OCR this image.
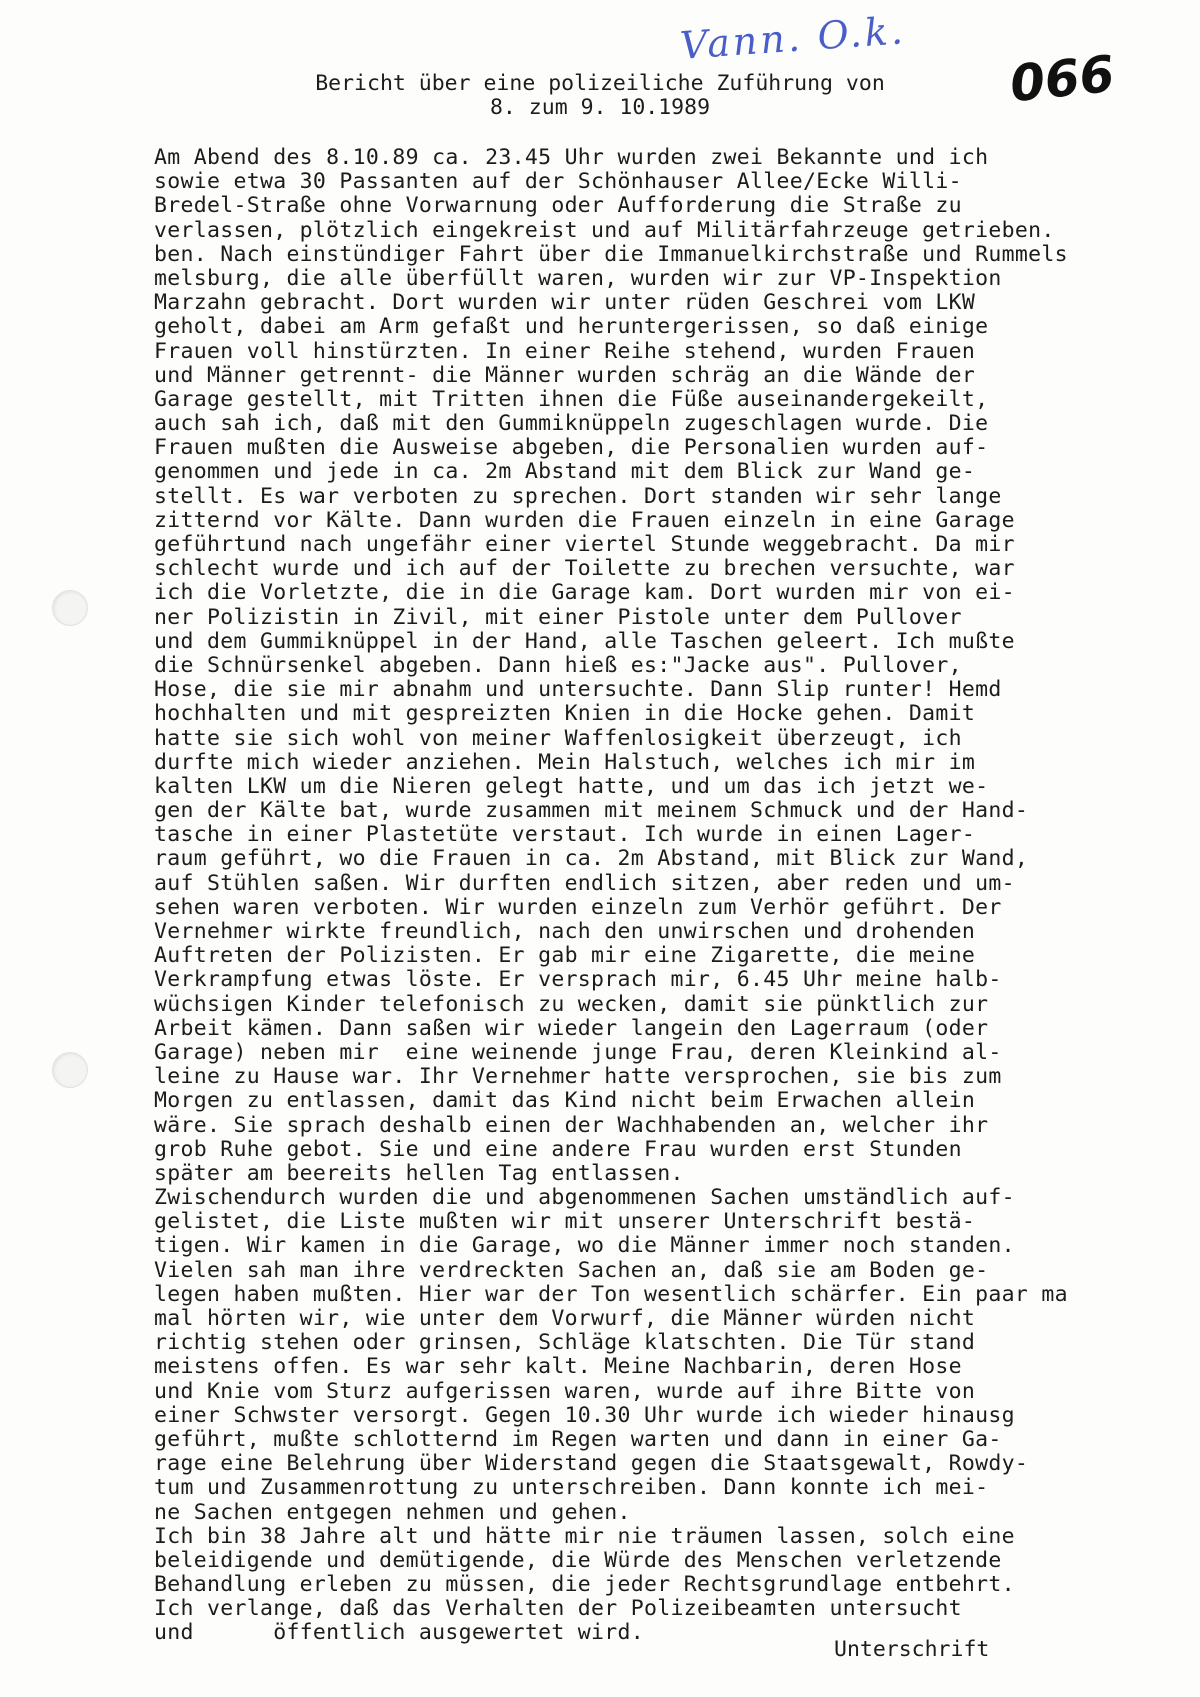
Vann. O.k.
066
Bericht über eine polizeiliche Zuführung von
8. zum 9. 10.1989
Am Abend des 8.10.89 ca. 23.45 Uhr wurden zwei Bekannte und ich
sowie etwa 30 Passanten auf der Schönhauser Allee/Ecke Willi-
Bredel-Straße ohne Vorwarnung oder Aufforderung die Straße zu
verlassen, plötzlich eingekreist und auf Militärfahrzeuge getrieben.
ben. Nach einstündiger Fahrt über die Immanuelkirchstraße und Rummels
melsburg, die alle überfüllt waren, wurden wir zur VP-Inspektion
Marzahn gebracht. Dort wurden wir unter rüden Geschrei vom LKW
geholt, dabei am Arm gefaßt und heruntergerissen, so daß einige
Frauen voll hinstürzten. In einer Reihe stehend, wurden Frauen
und Männer getrennt- die Männer wurden schräg an die Wände der
Garage gestellt, mit Tritten ihnen die Füße auseinandergekeilt,
auch sah ich, daß mit den Gummiknüppeln zugeschlagen wurde. Die
Frauen mußten die Ausweise abgeben, die Personalien wurden auf-
genommen und jede in ca. 2m Abstand mit dem Blick zur Wand ge-
stellt. Es war verboten zu sprechen. Dort standen wir sehr lange
zitternd vor Kälte. Dann wurden die Frauen einzeln in eine Garage
geführtund nach ungefähr einer viertel Stunde weggebracht. Da mir
schlecht wurde und ich auf der Toilette zu brechen versuchte, war
ich die Vorletzte, die in die Garage kam. Dort wurden mir von ei-
ner Polizistin in Zivil, mit einer Pistole unter dem Pullover
und dem Gummiknüppel in der Hand, alle Taschen geleert. Ich mußte
die Schnürsenkel abgeben. Dann hieß es:"Jacke aus". Pullover,
Hose, die sie mir abnahm und untersuchte. Dann Slip runter! Hemd
hochhalten und mit gespreizten Knien in die Hocke gehen. Damit
hatte sie sich wohl von meiner Waffenlosigkeit überzeugt, ich
durfte mich wieder anziehen. Mein Halstuch, welches ich mir im
kalten LKW um die Nieren gelegt hatte, und um das ich jetzt we-
gen der Kälte bat, wurde zusammen mit meinem Schmuck und der Hand-
tasche in einer Plastetüte verstaut. Ich wurde in einen Lager-
raum geführt, wo die Frauen in ca. 2m Abstand, mit Blick zur Wand,
auf Stühlen saßen. Wir durften endlich sitzen, aber reden und um-
sehen waren verboten. Wir wurden einzeln zum Verhör geführt. Der
Vernehmer wirkte freundlich, nach den unwirschen und drohenden
Auftreten der Polizisten. Er gab mir eine Zigarette, die meine
Verkrampfung etwas löste. Er versprach mir, 6.45 Uhr meine halb-
wüchsigen Kinder telefonisch zu wecken, damit sie pünktlich zur
Arbeit kämen. Dann saßen wir wieder langein den Lagerraum (oder
Garage) neben mir  eine weinende junge Frau, deren Kleinkind al-
leine zu Hause war. Ihr Vernehmer hatte versprochen, sie bis zum
Morgen zu entlassen, damit das Kind nicht beim Erwachen allein
wäre. Sie sprach deshalb einen der Wachhabenden an, welcher ihr
grob Ruhe gebot. Sie und eine andere Frau wurden erst Stunden
später am beereits hellen Tag entlassen.
Zwischendurch wurden die und abgenommenen Sachen umständlich auf-
gelistet, die Liste mußten wir mit unserer Unterschrift bestä-
tigen. Wir kamen in die Garage, wo die Männer immer noch standen.
Vielen sah man ihre verdreckten Sachen an, daß sie am Boden ge-
legen haben mußten. Hier war der Ton wesentlich schärfer. Ein paar ma
mal hörten wir, wie unter dem Vorwurf, die Männer würden nicht
richtig stehen oder grinsen, Schläge klatschten. Die Tür stand
meistens offen. Es war sehr kalt. Meine Nachbarin, deren Hose
und Knie vom Sturz aufgerissen waren, wurde auf ihre Bitte von
einer Schwster versorgt. Gegen 10.30 Uhr wurde ich wieder hinausg
geführt, mußte schlotternd im Regen warten und dann in einer Ga-
rage eine Belehrung über Widerstand gegen die Staatsgewalt, Rowdy-
tum und Zusammenrottung zu unterschreiben. Dann konnte ich mei-
ne Sachen entgegen nehmen und gehen.
Ich bin 38 Jahre alt und hätte mir nie träumen lassen, solch eine
beleidigende und demütigende, die Würde des Menschen verletzende
Behandlung erleben zu müssen, die jeder Rechtsgrundlage entbehrt.
Ich verlange, daß das Verhalten der Polizeibeamten untersucht
und      öffentlich ausgewertet wird.
Unterschrift
